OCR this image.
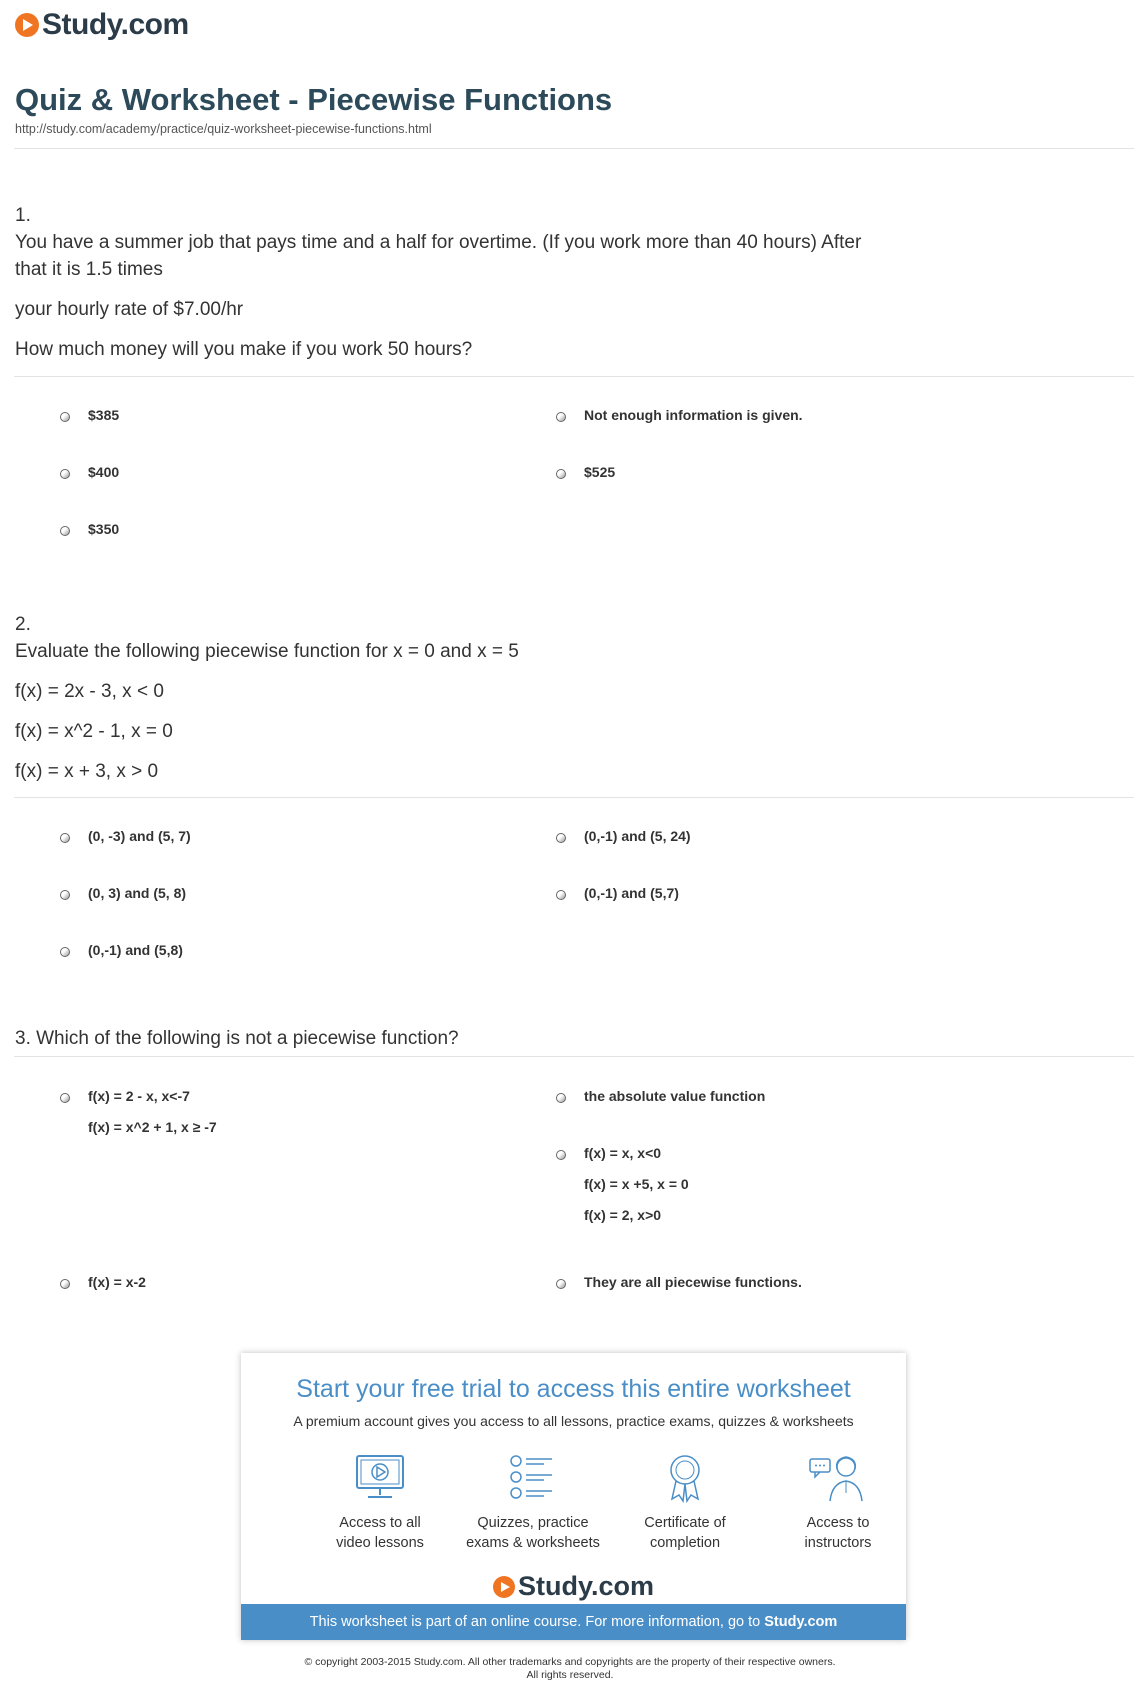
Study.com
Quiz & Worksheet - Piecewise Functions
http://study.com/academy/practice/quiz-worksheet-piecewise-functions.html
1.

You have a summer job that pays time and a half for overtime. (If you work more than 40 hours) After
that it is 1.5 times

your hourly rate of $7.00/hr

How much money will you make if you work 50 hours?

$385	Not enough information is given.
$400	$525
$350
2.

Evaluate the following piecewise function for x = 0 and x = 5

f(x) = 2x - 3, x < 0

f(x) = x^2 - 1, x = 0

f(x) = x + 3, x > 0

(0, -3) and (5, 7)	(0,-1) and (5, 24)
(0, 3) and (5, 8)	(0,-1) and (5,7)
(0,-1) and (5,8)

3. Which of the following is not a piecewise function?

f(x) = 2 - x, x<-7
f(x) = x^2 + 1, x ≥ -7
the absolute value function
f(x) = x, x<0
f(x) = x +5, x = 0
f(x) = 2, x>0
f(x) = x-2	They are all piecewise functions.
Start your free trial to access this entire worksheet
A premium account gives you access to all lessons, practice exams, quizzes & worksheets
Access to all
video lessons
Quizzes, practice
exams & worksheets
Certificate of
completion
Access to
instructors
Study.com
This worksheet is part of an online course. For more information, go to Study.com
© copyright 2003-2015 Study.com. All other trademarks and copyrights are the property of their respective owners.
All rights reserved.
